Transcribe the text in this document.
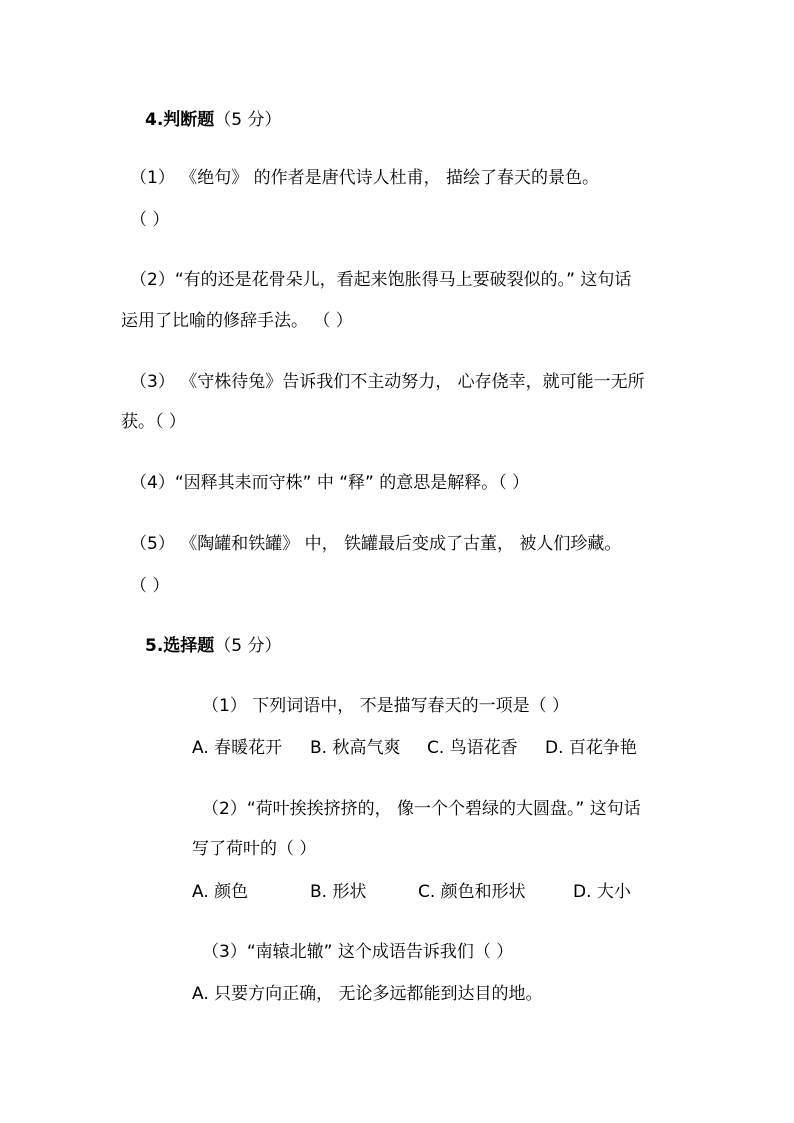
4.判断题（5 分）
（1） 《绝句》 的作者是唐代诗人杜甫， 描绘了春天的景色。
（ ）
（2）“有的还是花骨朵儿，看起来饱胀得马上要破裂似的。” 这句话
运用了比喻的修辞手法。 （ ）
（3） 《守株待兔》告诉我们不主动努力， 心存侥幸，就可能一无所
获。（ ）
（4）“因释其耒而守株” 中 “释” 的意思是解释。（ ）
（5） 《陶罐和铁罐》 中， 铁罐最后变成了古董， 被人们珍藏。
（ ）
5.选择题（5 分）
（1） 下列词语中， 不是描写春天的一项是（ ）
A. 春暖花开 B. 秋高气爽 C. 鸟语花香 D. 百花争艳
（2）“荷叶挨挨挤挤的， 像一个个碧绿的大圆盘。” 这句话
写了荷叶的（ ）
A. 颜色	B. 形状	C. 颜色和形状	D. 大小
（3）“南辕北辙” 这个成语告诉我们（ ）
A. 只要方向正确， 无论多远都能到达目的地。
